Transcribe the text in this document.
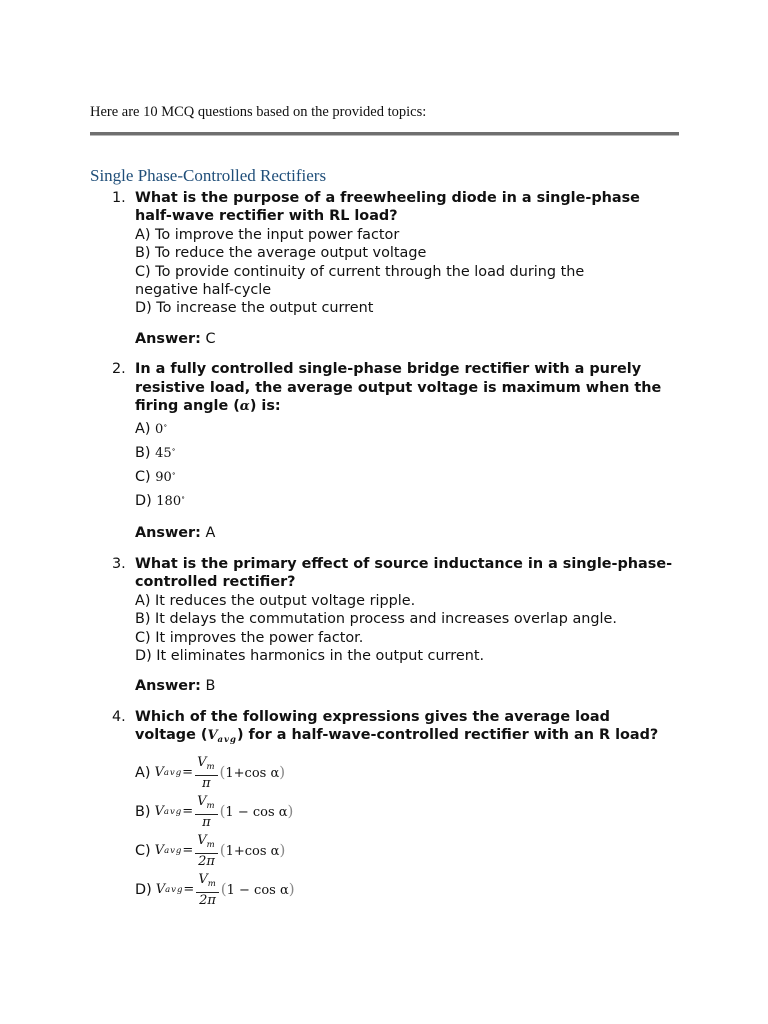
Here are 10 MCQ questions based on the provided topics:
Single Phase-Controlled Rectifiers
1. What is the purpose of a freewheeling diode in a single-phase half-wave rectifier with RL load?
A) To improve the input power factor
B) To reduce the average output voltage
C) To provide continuity of current through the load during the negative half-cycle
D) To increase the output current
Answer: C
2. In a fully controlled single-phase bridge rectifier with a purely resistive load, the average output voltage is maximum when the firing angle (α) is:
A) 0∘
B) 45∘
C) 90∘
D) 180∘
Answer: A
3. What is the primary effect of source inductance in a single-phase-controlled rectifier?
A) It reduces the output voltage ripple.
B) It delays the commutation process and increases overlap angle.
C) It improves the power factor.
D) It eliminates harmonics in the output current.
Answer: B
4. Which of the following expressions gives the average load voltage $(V_{avg})$ for a half-wave-controlled rectifier with an R load?
A) V avg = $\frac{V_m}{\pi} (1+\cos$ α)
B) V avg = $\frac{V_m}{\pi} (1 - \cos \alpha)$
C) V avg = $\frac{V_m}{2\pi} (1+\cos$ α)
D) V avg = $\frac{V_m}{2\pi} (1 - \cos \alpha)$
